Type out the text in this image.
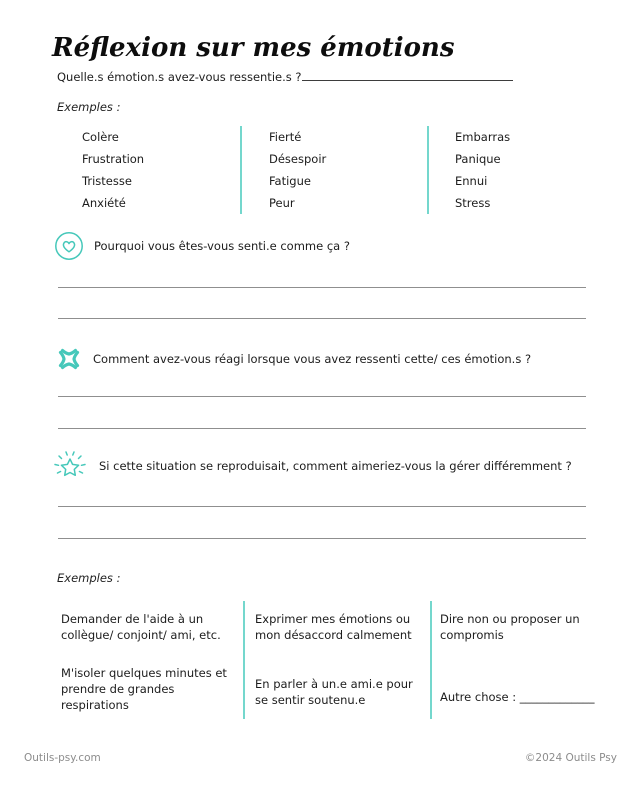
Réflexion sur mes émotions
Quelle.s émotion.s avez-vous ressentie.s ?
Exemples :
Colère
Frustration
Tristesse
Anxiété
Fierté
Désespoir
Fatigue
Peur
Embarras
Panique
Ennui
Stress
Pourquoi vous êtes-vous senti.e comme ça ?
Comment avez-vous réagi lorsque vous avez ressenti cette/ ces émotion.s ?
Si cette situation se reproduisait, comment aimeriez-vous la gérer différemment ?
Exemples :
Demander de l'aide à un collègue/ conjoint/ ami, etc.
M'isoler quelques minutes et prendre de grandes respirations
Exprimer mes émotions ou mon désaccord calmement
En parler à un.e ami.e pour se sentir soutenu.e
Dire non ou proposer un compromis
Autre chose : _____________
Outils-psy.com	©2024 Outils Psy
